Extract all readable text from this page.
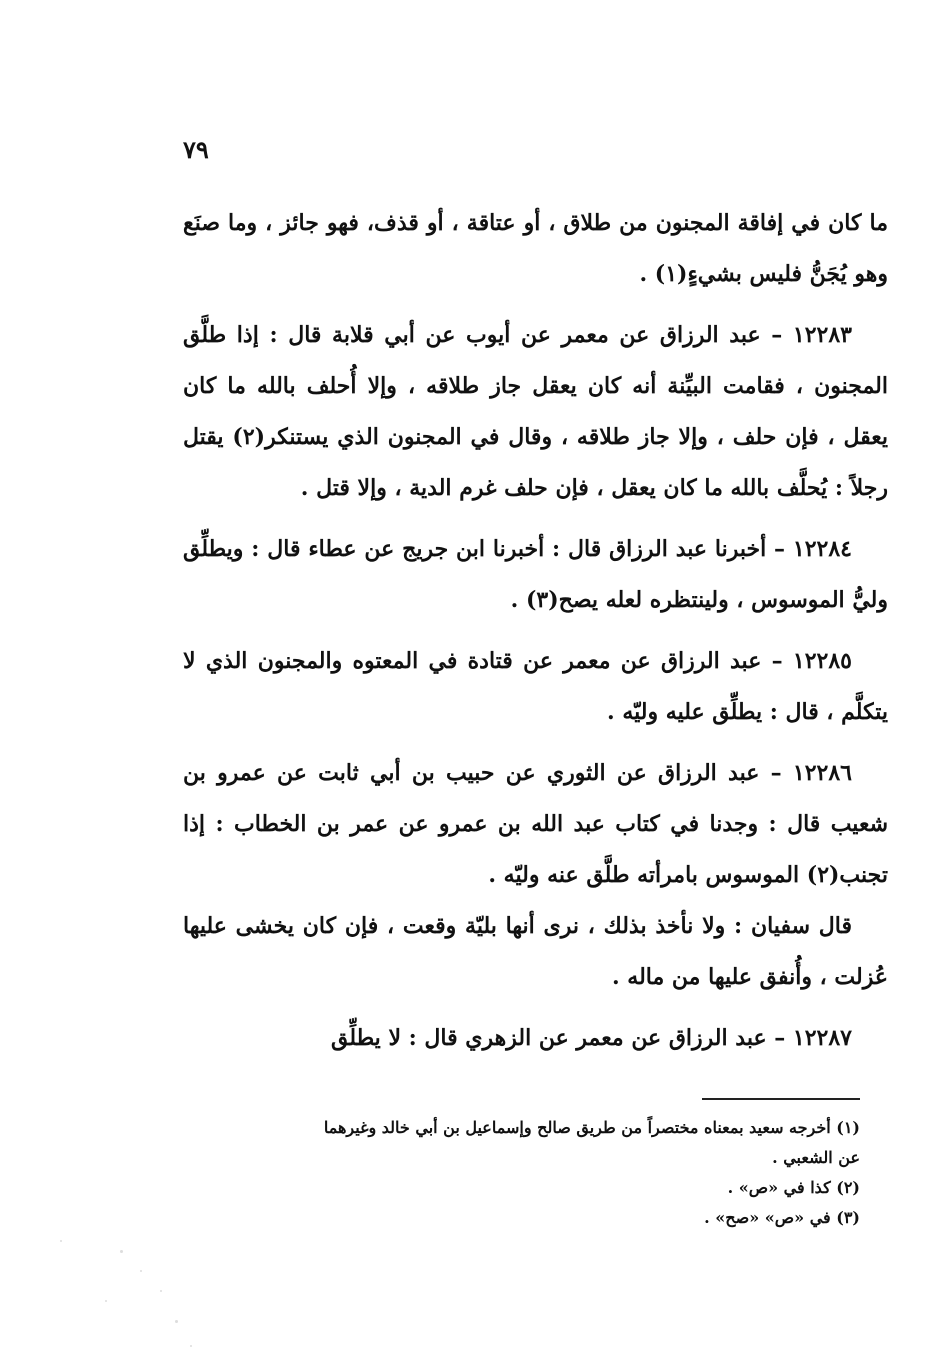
٧٩

ما كان في إفاقة المجنون من طلاق ، أو عتاقة ، أو قذف، فهو جائز ، وما صنَع وهو يُجَنُّ فليس بشيءٍ(١) .

١٢٢٨٣ – عبد الرزاق عن معمر عن أيوب عن أبي قلابة قال : إذا طلَّق المجنون ، فقامت البيِّنة أنه كان يعقل جاز طلاقه ، وإلا أُحلف بالله ما كان يعقل ، فإن حلف ، وإلا جاز طلاقه ، وقال في المجنون الذي يستنكر(٢) يقتل رجلاً : يُحلَّف بالله ما كان يعقل ، فإن حلف غرم الدية ، وإلا قتل .

١٢٢٨٤ – أخبرنا عبد الرزاق قال : أخبرنا ابن جريج عن عطاء قال : ويطلِّق وليُّ الموسوس ، ولينتظره لعله يصح(٣) .

١٢٢٨٥ – عبد الرزاق عن معمر عن قتادة في المعتوه والمجنون الذي لا يتكلَّم ، قال : يطلِّق عليه وليّه .

١٢٢٨٦ – عبد الرزاق عن الثوري عن حبيب بن أبي ثابت عن عمرو بن شعيب قال : وجدنا في كتاب عبد الله بن عمرو عن عمر بن الخطاب : إذا تجنب(٢) الموسوس بامرأته طلَّق عنه وليّه .

قال سفيان : ولا نأخذ بذلك ، نرى أنها بليّة وقعت ، فإن كان يخشى عليها عُزلت ، وأُنفق عليها من ماله .

١٢٢٨٧ – عبد الرزاق عن معمر عن الزهري قال : لا يطلِّق

(١) أخرجه سعيد بمعناه مختصراً من طريق صالح وإسماعيل بن أبي خالد وغيرهما عن الشعبي .

(٢) كذا في «ص» .

(٣) في «ص» «صح» .
